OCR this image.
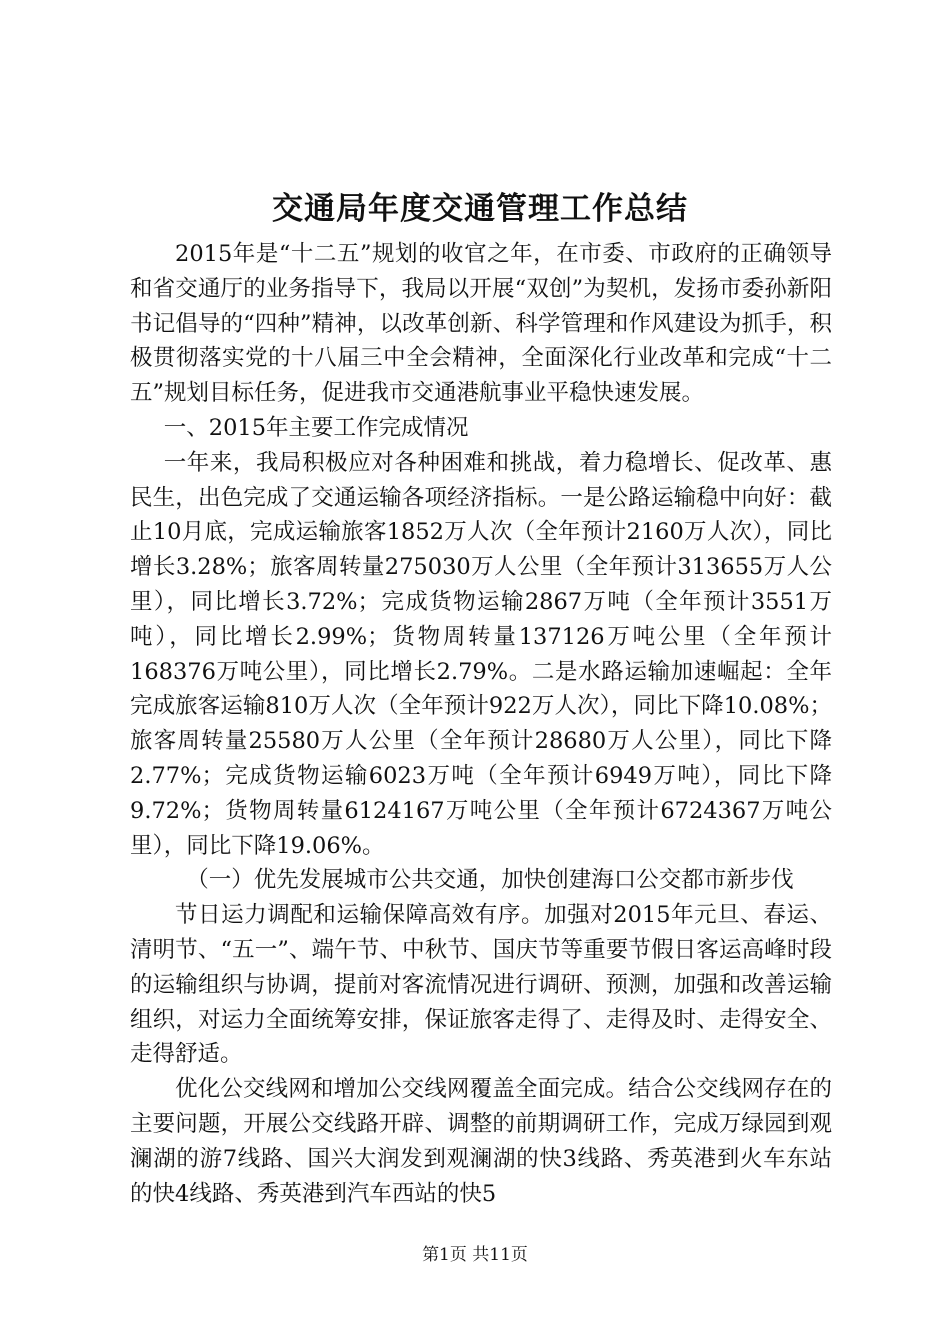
交通局年度交通管理工作总结

2015年是“十二五”规划的收官之年，在市委、市政府的正确领导和省交通厅的业务指导下，我局以开展“双创”为契机，发扬市委孙新阳书记倡导的“四种”精神，以改革创新、科学管理和作风建设为抓手，积极贯彻落实党的十八届三中全会精神，全面深化行业改革和完成“十二五”规划目标任务，促进我市交通港航事业平稳快速发展。

一、2015年主要工作完成情况

一年来，我局积极应对各种困难和挑战，着力稳增长、促改革、惠民生，出色完成了交通运输各项经济指标。一是公路运输稳中向好：截止10月底，完成运输旅客1852万人次（全年预计2160万人次），同比增长3.28%；旅客周转量275030万人公里（全年预计313655万人公里），同比增长3.72%；完成货物运输2867万吨（全年预计3551万吨），同比增长2.99%；货物周转量137126万吨公里（全年预计168376万吨公里），同比增长2.79%。二是水路运输加速崛起：全年完成旅客运输810万人次（全年预计922万人次），同比下降10.08%；旅客周转量25580万人公里（全年预计28680万人公里），同比下降2.77%；完成货物运输6023万吨（全年预计6949万吨），同比下降9.72%；货物周转量6124167万吨公里（全年预计6724367万吨公里），同比下降19.06%。

（一）优先发展城市公共交通，加快创建海口公交都市新步伐

节日运力调配和运输保障高效有序。加强对2015年元旦、春运、清明节、“五一”、端午节、中秋节、国庆节等重要节假日客运高峰时段的运输组织与协调，提前对客流情况进行调研、预测，加强和改善运输组织，对运力全面统筹安排，保证旅客走得了、走得及时、走得安全、走得舒适。

优化公交线网和增加公交线网覆盖全面完成。结合公交线网存在的主要问题，开展公交线路开辟、调整的前期调研工作，完成万绿园到观澜湖的游7线路、国兴大润发到观澜湖的快3线路、秀英港到火车东站的快4线路、秀英港到汽车西站的快5

第1页 共11页
